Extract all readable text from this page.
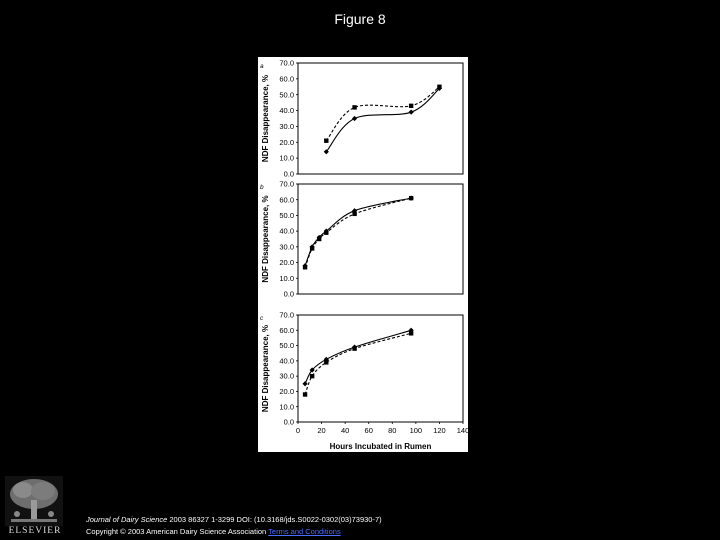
Figure 8
a
0.0
10.0
20.0
30.0
40.0
50.0
60.0
70.0
NDF Disappearance, %
b
0.0
10.0
20.0
30.0
40.0
50.0
60.0
70.0
NDF Disappearance, %
c
0.0
10.0
20.0
30.0
40.0
50.0
60.0
70.0
NDF Disappearance, %
0 20 40 60 80 100 120 140
Hours Incubated in Rumen
ELSEVIER
Journal of Dairy Science 2003 86327 1-3299 DOI: (10.3168/jds.S0022-0302(03)73930-7)
Copyright © 2003 American Dairy Science Association Terms and Conditions
